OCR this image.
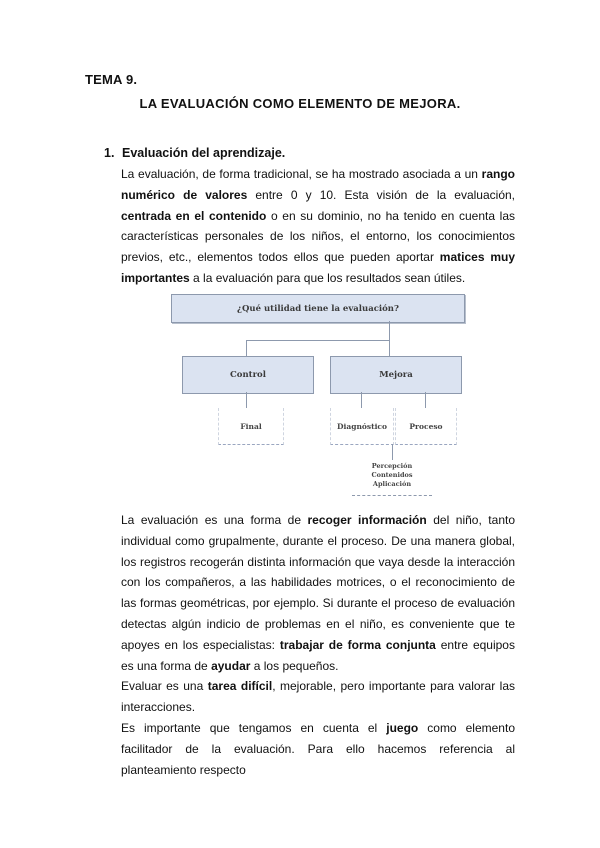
TEMA 9.
LA EVALUACIÓN COMO ELEMENTO DE MEJORA.
1. Evaluación del aprendizaje.
La evaluación, de forma tradicional, se ha mostrado asociada a un rango numérico de valores entre 0 y 10. Esta visión de la evaluación, centrada en el contenido o en su dominio, no ha tenido en cuenta las características personales de los niños, el entorno, los conocimientos previos, etc., elementos todos ellos que pueden aportar matices muy importantes a la evaluación para que los resultados sean útiles.
¿Qué utilidad tiene la evaluación?
Control	Mejora
Final	Diagnóstico	Proceso
Percepción
Contenidos
Aplicación
La evaluación es una forma de recoger información del niño, tanto individual como grupalmente, durante el proceso. De una manera global, los registros recogerán distinta información que vaya desde la interacción con los compañeros, a las habilidades motrices, o el reconocimiento de las formas geométricas, por ejemplo. Si durante el proceso de evaluación detectas algún indicio de problemas en el niño, es conveniente que te apoyes en los especialistas: trabajar de forma conjunta entre equipos es una forma de ayudar a los pequeños.
Evaluar es una tarea difícil, mejorable, pero importante para valorar las interacciones.
Es importante que tengamos en cuenta el juego como elemento facilitador de la evaluación. Para ello hacemos referencia al planteamiento respecto
